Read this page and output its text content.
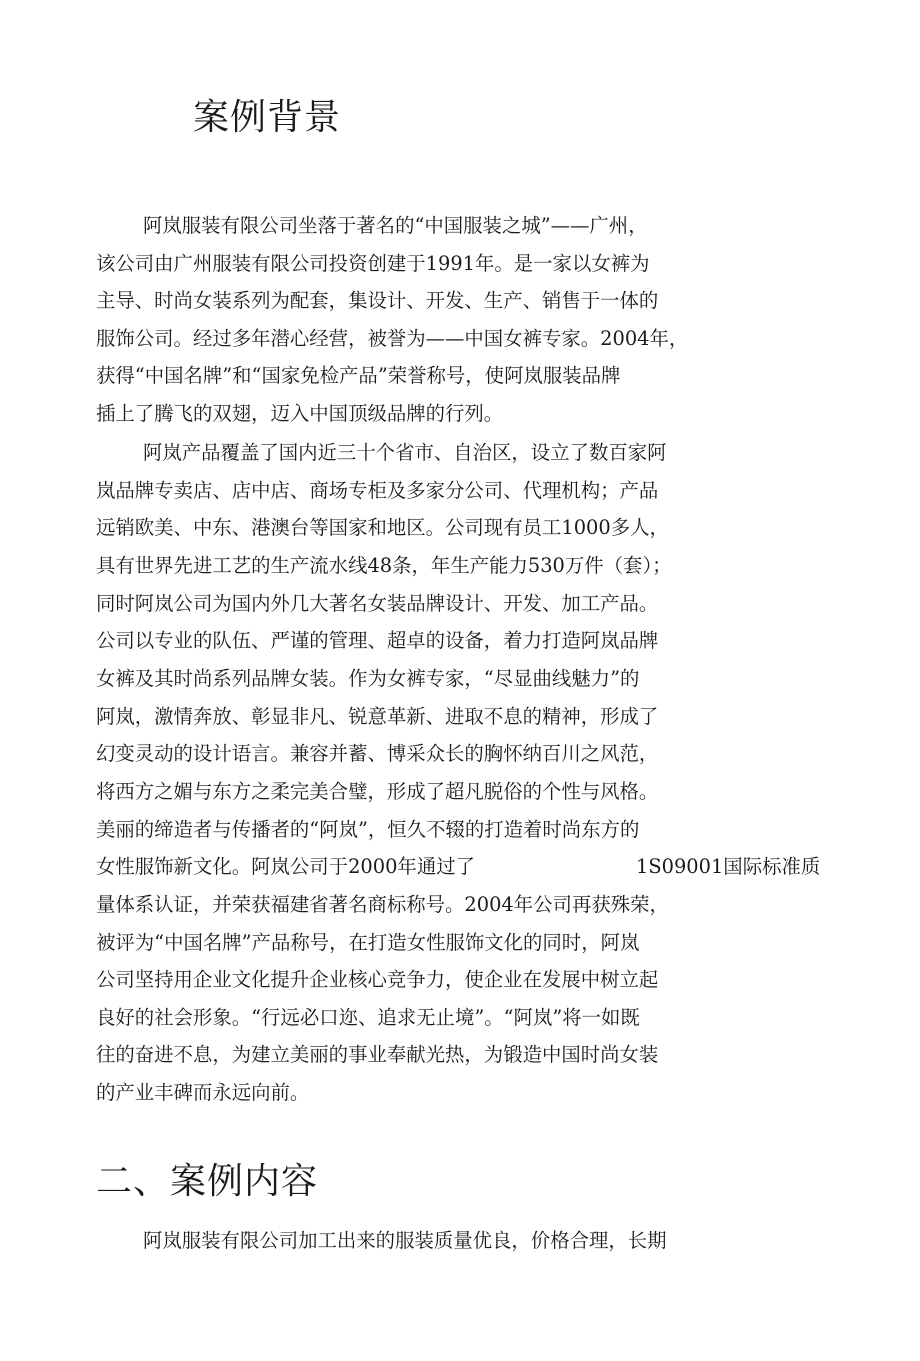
案例背景

阿岚服装有限公司坐落于著名的“中国服装之城”——广州，

该公司由广州服装有限公司投资创建于1991年。是一家以女裤为

主导、时尚女装系列为配套，集设计、开发、生产、销售于一体的

服饰公司。经过多年潜心经营，被誉为——中国女裤专家。2004年，

获得“中国名牌”和“国家免检产品”荣誉称号，使阿岚服装品牌

插上了腾飞的双翅，迈入中国顶级品牌的行列。

阿岚产品覆盖了国内近三十个省市、自治区，设立了数百家阿

岚品牌专卖店、店中店、商场专柜及多家分公司、代理机构；产品

远销欧美、中东、港澳台等国家和地区。公司现有员工1000多人，

具有世界先进工艺的生产流水线48条，年生产能力530万件（套）；

同时阿岚公司为国内外几大著名女装品牌设计、开发、加工产品。

公司以专业的队伍、严谨的管理、超卓的设备，着力打造阿岚品牌

女裤及其时尚系列品牌女装。作为女裤专家，“尽显曲线魅力”的

阿岚，激情奔放、彰显非凡、锐意革新、进取不息的精神，形成了

幻变灵动的设计语言。兼容并蓄、博采众长的胸怀纳百川之风范，

将西方之媚与东方之柔完美合璧，形成了超凡脱俗的个性与风格。

美丽的缔造者与传播者的“阿岚”，恒久不辍的打造着时尚东方的

女性服饰新文化。阿岚公司于2000年通过了	1S09001国际标准质

量体系认证，并荣获福建省著名商标称号。2004年公司再获殊荣，

被评为“中国名牌”产品称号，在打造女性服饰文化的同时，阿岚

公司坚持用企业文化提升企业核心竞争力，使企业在发展中树立起

良好的社会形象。“行远必口迩、追求无止境”。“阿岚”将一如既

往的奋进不息，为建立美丽的事业奉献光热，为锻造中国时尚女装

的产业丰碑而永远向前。

二、案例内容

阿岚服装有限公司加工出来的服装质量优良，价格合理，长期
